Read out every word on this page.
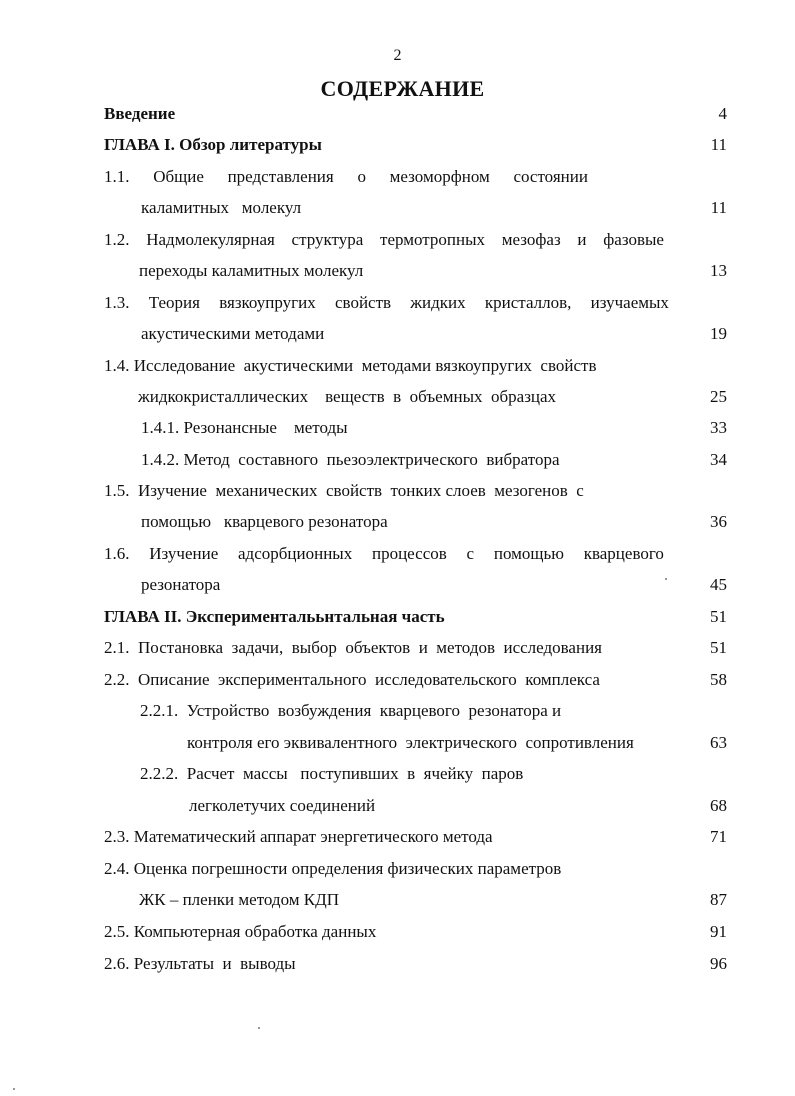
2
СОДЕРЖАНИЕ
Введение	4
ГЛАВА I. Обзор литературы	11
1.1. Общие представления о мезоморфном состоянии
каламитных   молекул	11
1.2. Надмолекулярная структура термотропных мезофаз и фазовые
переходы каламитных молекул	13
1.3. Теория вязкоупругих свойств жидких кристаллов, изучаемых
акустическими методами	19
1.4. Исследование  акустическими  методами вязкоупругих  свойств
жидкокристаллических    веществ  в  объемных  образцах	25
1.4.1. Резонансные    методы	33
1.4.2. Метод  составного  пьезоэлектрического  вибратора	34
1.5.  Изучение  механических  свойств  тонких слоев  мезогенов  с
помощью   кварцевого резонатора	36
1.6. Изучение адсорбционных процессов с помощью кварцевого
резонатора	45
ГЛАВА II. Эксперименталььнтальная часть	51
2.1.  Постановка  задачи,  выбор  объектов  и  методов  исследования	51
2.2.  Описание  экспериментального  исследовательского  комплекса	58
2.2.1.  Устройство  возбуждения  кварцевого  резонатора и
контроля его эквивалентного  электрического  сопротивления	63
2.2.2.  Расчет  массы   поступивших  в  ячейку  паров
легколетучих соединений	68
2.3. Математический аппарат энергетического метода	71
2.4. Оценка погрешности определения физических параметров
ЖК – пленки методом КДП	87
2.5. Компьютерная обработка данных	91
2.6. Результаты  и  выводы	96
